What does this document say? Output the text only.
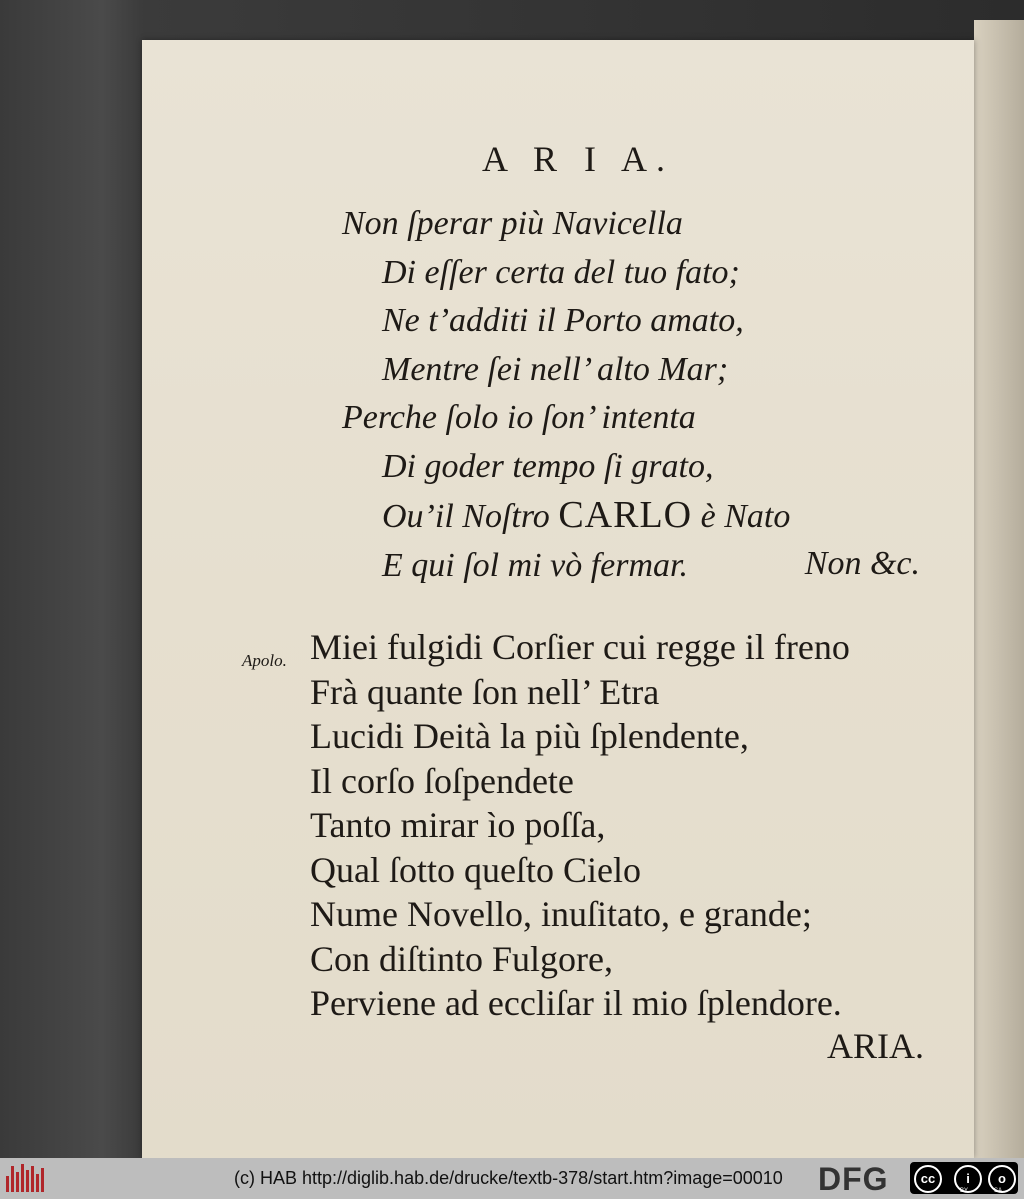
A R I A.
Non ſperar più Navicella
Di eſſer certa del tuo fato;
Ne t’additi il Porto amato,
Mentre ſei nell’ alto Mar;
Perche ſolo io ſon’ intenta
Di goder tempo ſi grato,
Ou’il Noſtro CARLO è Nato
E qui ſol mi vò fermar.	Non &c.
Apolo. Miei fulgidi Corſier cui regge il freno
Frà quante ſon nell’ Etra
Lucidi Deità la più ſplendente,
Il corſo ſoſpendete
Tanto mirar ìo poſſa,
Qual ſotto queſto Cielo
Nume Novello, inuſitato, e grande;
Con diſtinto Fulgore,
Perviene ad eccliſar il mio ſplendore.
ARIA.
(c) HAB http://diglib.hab.de/drucke/textb-378/start.htm?image=00010 DFG	cc	i	o
BY	SA
